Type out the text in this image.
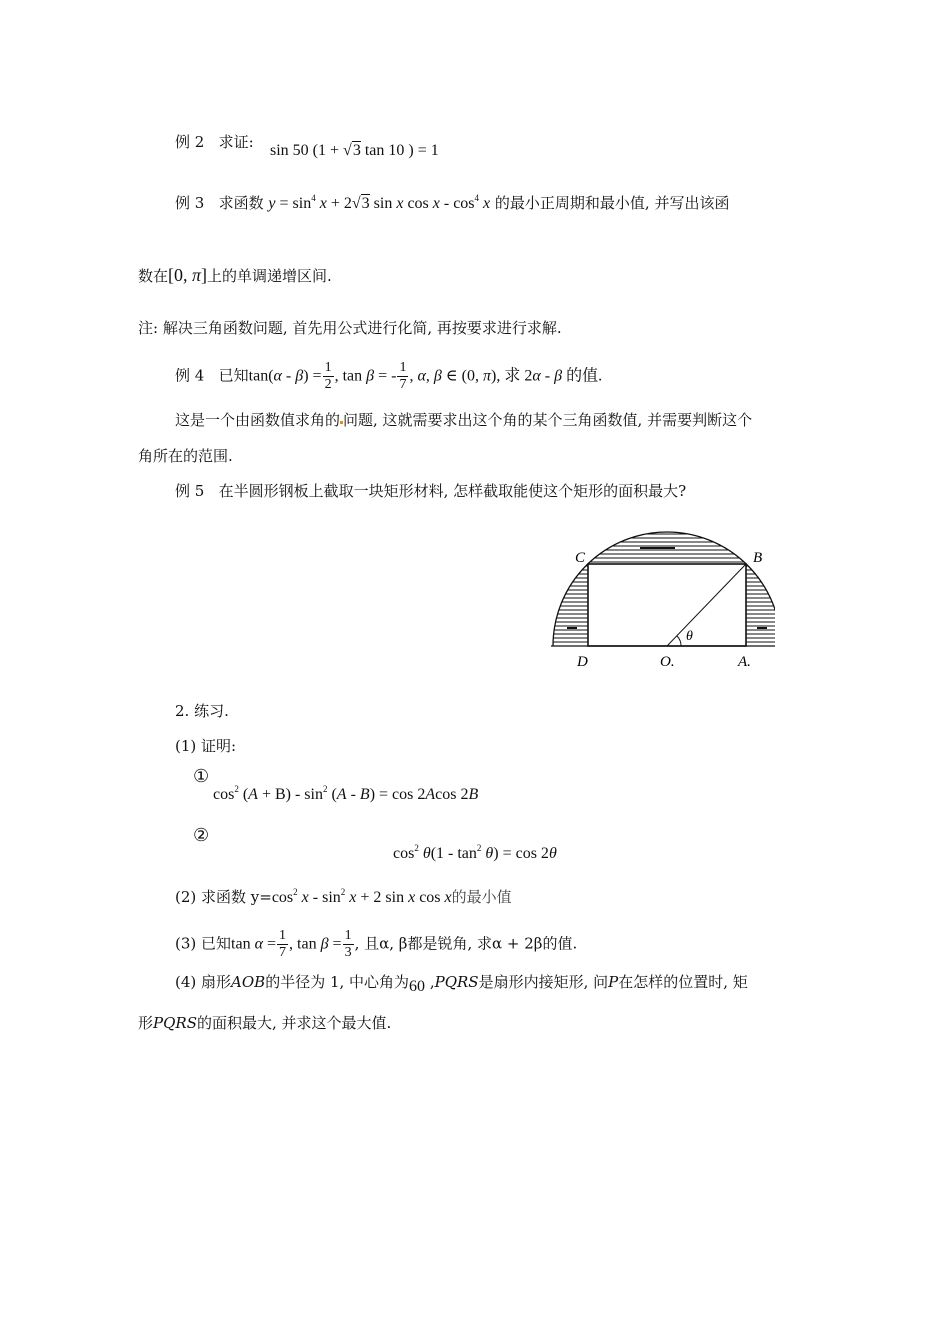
例 2 求证: sin 50 (1 + √3 tan 10 ) = 1
例 3 求函数 $y = \sin^4 x + 2√3$ sin x cos x - $\cos^4 x$ 的最小正周期和最小值, 并写出该函
数在[0, π]上的单调递增区间.
注: 解决三角函数问题, 首先用公式进行化简, 再按要求进行求解.
例 4 已知$\tan(\alpha - \beta) = \frac{1}{2}$ , tan β = - $\frac{1}{7}$ , α, β ∈ (0, π), 求 2α - β 的值.
这是一个由函数值求角的 问题, 这就需要求出这个角的某个三角函数值, 并需要判断这个
角所在的范围.
例 5 在半圆形钢板上截取一块矩形材料, 怎样截取能使这个矩形的面积最大?
C	B
D	O.	A.
θ
2. 练习.
(1) 证明:
①
$\cos^2 (A + B) - \sin^2 (A - B) = \cos 2Acos$ 2B
②
$\cos^2 \theta(1 - \tan^2 \theta) = \cos 2\theta$
(2) 求函数 $y=\cos^2$ $x - \sin^2 x + 2$ sin x cos x的最小值
(3) 已知$\tan \alpha = \frac{1}{7}$ , $\tan \beta = \frac{1}{3}$ , 且α, β都是锐角, 求α + 2β的值.
(4) 扇形AOB的半径为 1, 中心角为60 ,PQRS是扇形内接矩形, 问P在怎样的位置时, 矩
形PQRS的面积最大, 并求这个最大值.
